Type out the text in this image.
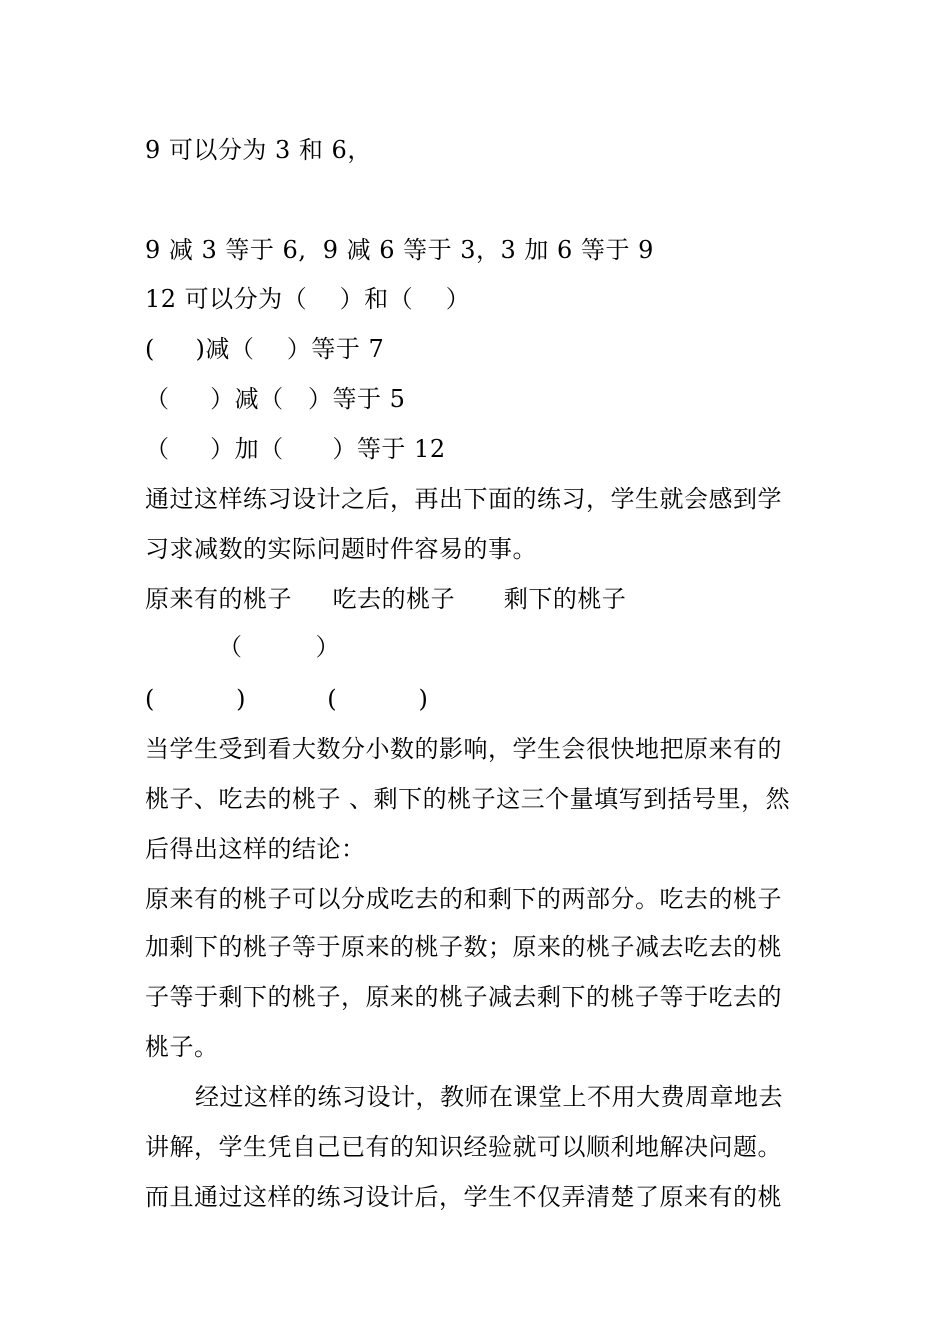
9 可以分为 3 和 6，
9 减 3 等于 6,  9 减 6 等于 3，3 加 6 等于 9
12 可以分为（    ）和（    ）
(     )减（    ）等于 7
（     ）减（   ）等于 5
（     ）加（      ）等于 12
通过这样练习设计之后，再出下面的练习，学生就会感到学
习求减数的实际问题时件容易的事。
原来有的桃子     吃去的桃子      剩下的桃子
（         ）
(          )          (          )
当学生受到看大数分小数的影响，学生会很快地把原来有的
桃子、吃去的桃子 、剩下的桃子这三个量填写到括号里，然
后得出这样的结论：
原来有的桃子可以分成吃去的和剩下的两部分。吃去的桃子
加剩下的桃子等于原来的桃子数；原来的桃子减去吃去的桃
子等于剩下的桃子，原来的桃子减去剩下的桃子等于吃去的
桃子。
经过这样的练习设计，教师在课堂上不用大费周章地去
讲解，学生凭自己已有的知识经验就可以顺利地解决问题。
而且通过这样的练习设计后，学生不仅弄清楚了原来有的桃
